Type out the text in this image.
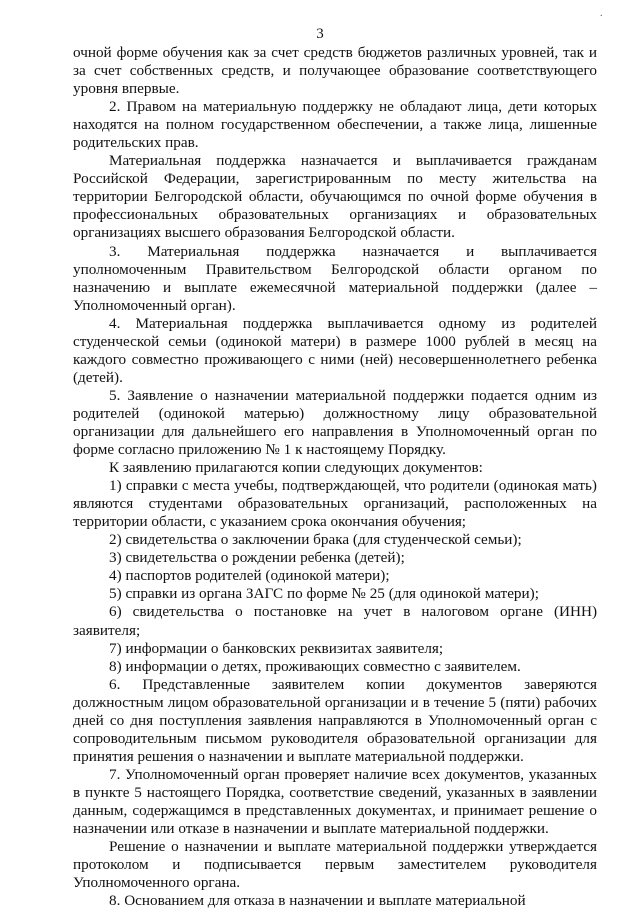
.
3

очной форме обучения как за счет средств бюджетов различных уровней, так и за счет собственных средств, и получающее образование соответствующего уровня впервые.

2. Правом на материальную поддержку не обладают лица, дети которых находятся на полном государственном обеспечении, а также лица, лишенные родительских прав.

Материальная поддержка назначается и выплачивается гражданам Российской Федерации, зарегистрированным по месту жительства на территории Белгородской области, обучающимся по очной форме обучения в профессиональных образовательных организациях и образовательных организациях высшего образования Белгородской области.

3. Материальная поддержка назначается и выплачивается уполномоченным Правительством Белгородской области органом по назначению и выплате ежемесячной материальной поддержки (далее – Уполномоченный орган).

4. Материальная поддержка выплачивается одному из родителей студенческой семьи (одинокой матери) в размере 1000 рублей в месяц на каждого совместно проживающего с ними (ней) несовершеннолетнего ребенка (детей).

5. Заявление о назначении материальной поддержки подается одним из родителей (одинокой матерью) должностному лицу образовательной организации для дальнейшего его направления в Уполномоченный орган по форме согласно приложению № 1 к настоящему Порядку.

К заявлению прилагаются копии следующих документов:

1) справки с места учебы, подтверждающей, что родители (одинокая мать) являются студентами образовательных организаций, расположенных на территории области, с указанием срока окончания обучения;

2) свидетельства о заключении брака (для студенческой семьи);

3) свидетельства о рождении ребенка (детей);

4) паспортов родителей (одинокой матери);

5) справки из органа ЗАГС по форме № 25 (для одинокой матери);

6) свидетельства о постановке на учет в налоговом органе (ИНН) заявителя;

7) информации о банковских реквизитах заявителя;

8) информации о детях, проживающих совместно с заявителем.

6. Представленные заявителем копии документов заверяются должностным лицом образовательной организации и в течение 5 (пяти) рабочих дней со дня поступления заявления направляются в Уполномоченный орган с сопроводительным письмом руководителя образовательной организации для принятия решения о назначении и выплате материальной поддержки.

7. Уполномоченный орган проверяет наличие всех документов, указанных в пункте 5 настоящего Порядка, соответствие сведений, указанных в заявлении данным, содержащимся в представленных документах, и принимает решение о назначении или отказе в назначении и выплате материальной поддержки.

Решение о назначении и выплате материальной поддержки утверждается протоколом и подписывается первым заместителем руководителя Уполномоченного органа.

8. Основанием для отказа в назначении и выплате материальной
